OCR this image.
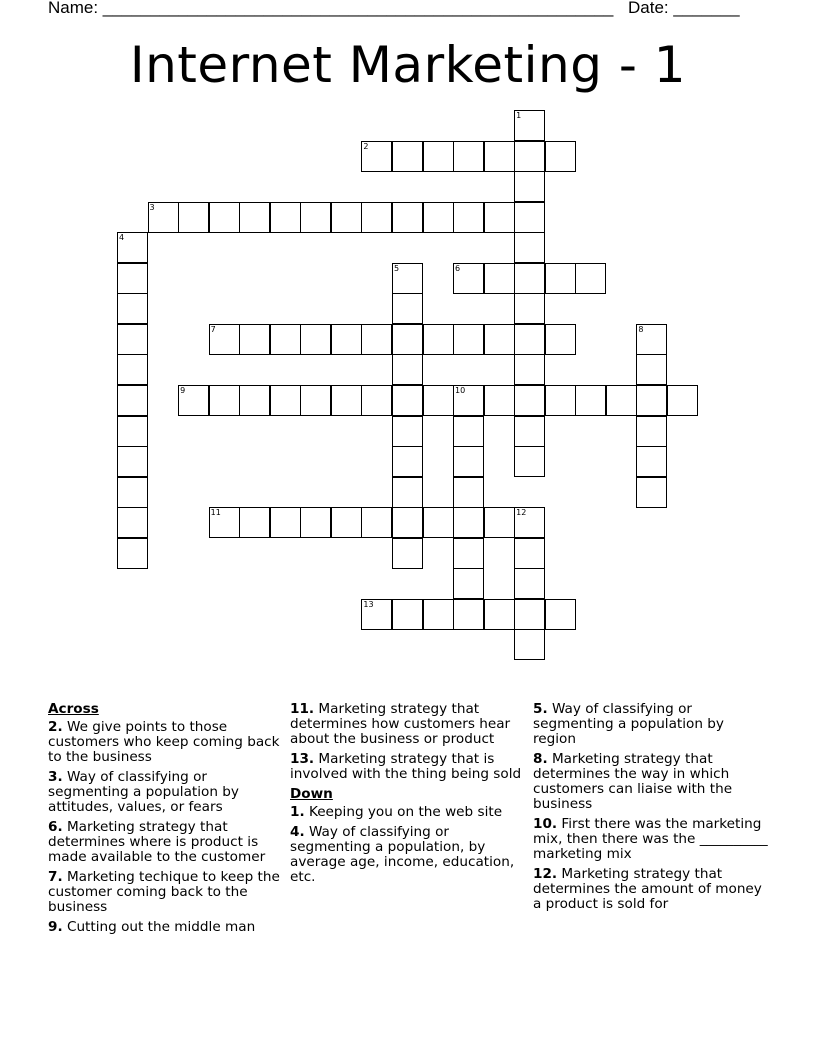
Name: ______________________________________________________ Date: _______
Internet Marketing - 1
1
2
3
4
5	6
7	8
9	10
11	12
13
Across
2. We give points to those customers who keep coming back to the business
3. Way of classifying or segmenting a population by attitudes, values, or fears
6. Marketing strategy that determines where is product is made available to the customer
7. Marketing techique to keep the customer coming back to the business
9. Cutting out the middle man
11. Marketing strategy that determines how customers hear about the business or product
13. Marketing strategy that is involved with the thing being sold
Down
1. Keeping you on the web site
4. Way of classifying or segmenting a population, by average age, income, education, etc.
5. Way of classifying or segmenting a population by region
8. Marketing strategy that determines the way in which customers can liaise with the business
10. First there was the marketing mix, then there was the __________ marketing mix
12. Marketing strategy that determines the amount of money a product is sold for
